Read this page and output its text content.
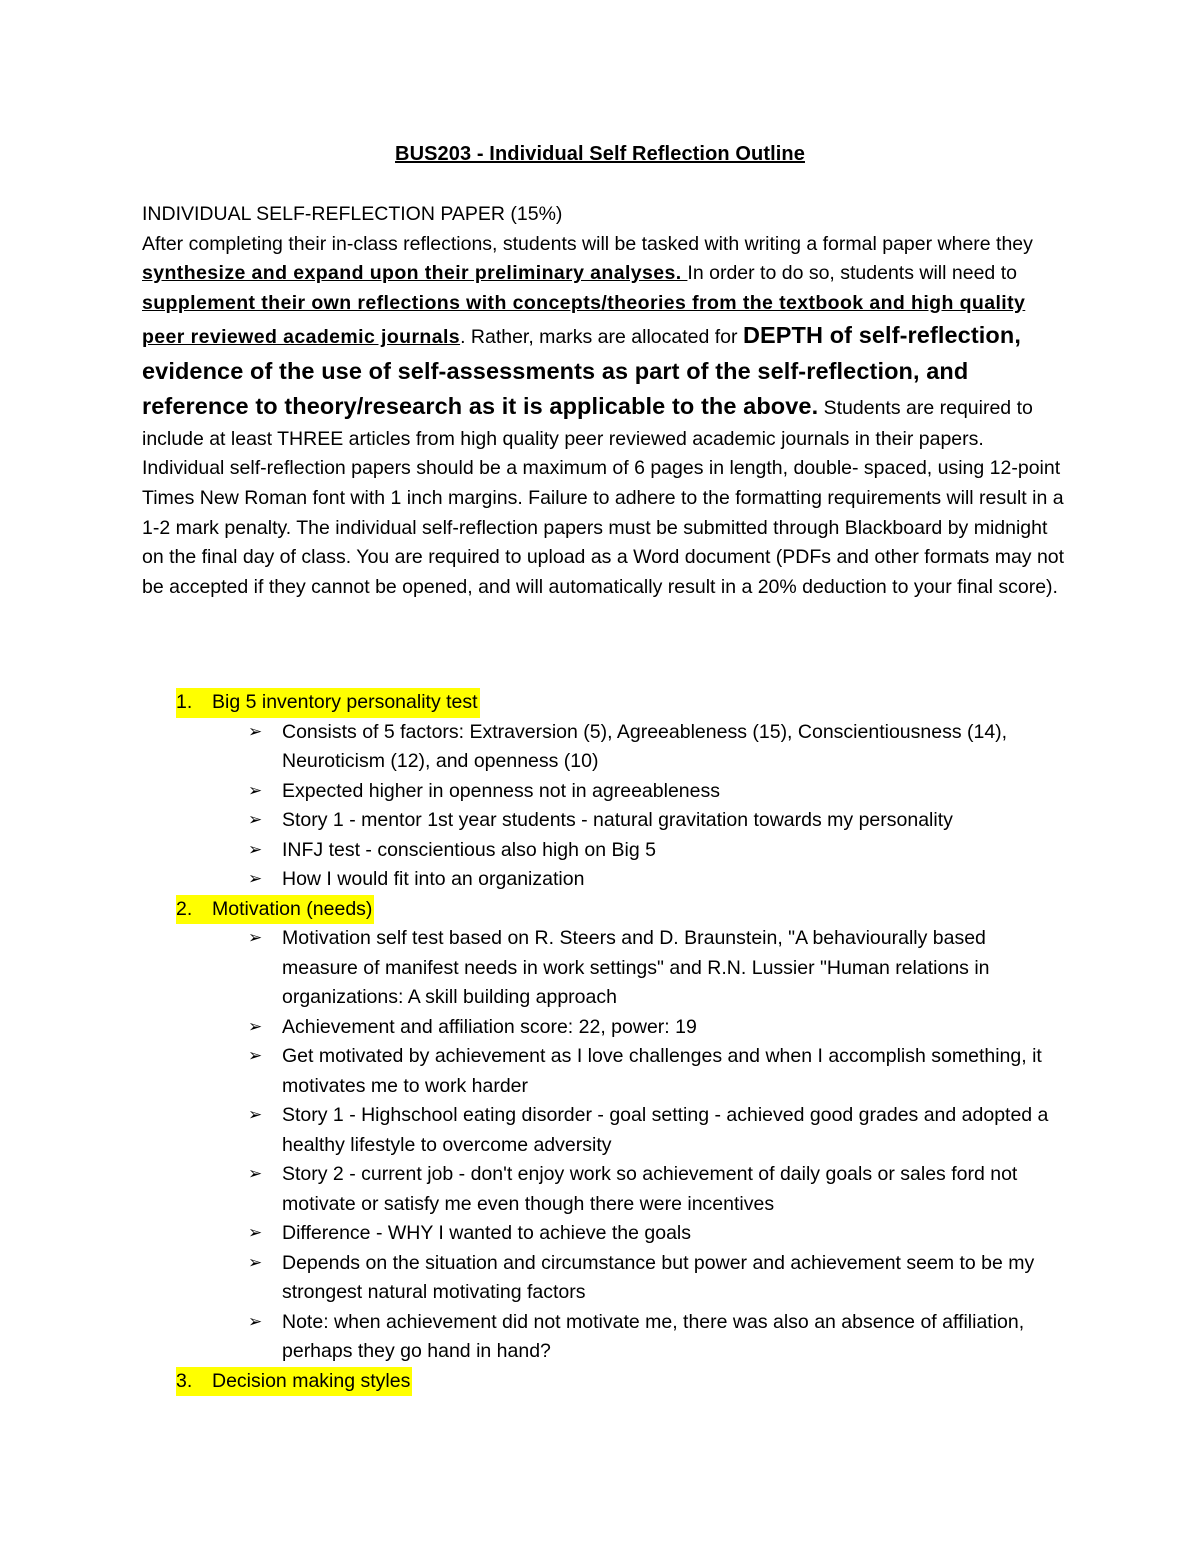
BUS203 - Individual Self Reflection Outline

INDIVIDUAL SELF-REFLECTION PAPER (15%)

After completing their in-class reflections, students will be tasked with writing a formal paper where they synthesize and expand upon their preliminary analyses. In order to do so, students will need to supplement their own reflections with concepts/theories from the textbook and high quality peer reviewed academic journals. Rather, marks are allocated for DEPTH of self-reflection, evidence of the use of self-assessments as part of the self-reflection, and reference to theory/research as it is applicable to the above. Students are required to include at least THREE articles from high quality peer reviewed academic journals in their papers.

Individual self-reflection papers should be a maximum of 6 pages in length, double- spaced, using 12-point Times New Roman font with 1 inch margins. Failure to adhere to the formatting requirements will result in a 1-2 mark penalty. The individual self-reflection papers must be submitted through Blackboard by midnight on the final day of class. You are required to upload as a Word document (PDFs and other formats may not be accepted if they cannot be opened, and will automatically result in a 20% deduction to your final score).

1. Big 5 inventory personality test
➢ Consists of 5 factors: Extraversion (5), Agreeableness (15), Conscientiousness (14), Neuroticism (12), and openness (10)
➢ Expected higher in openness not in agreeableness
➢ Story 1 - mentor 1st year students - natural gravitation towards my personality
➢ INFJ test - conscientious also high on Big 5
➢ How I would fit into an organization
2. Motivation (needs)
➢ Motivation self test based on R. Steers and D. Braunstein, "A behaviourally based measure of manifest needs in work settings" and R.N. Lussier "Human relations in organizations: A skill building approach
➢ Achievement and affiliation score: 22, power: 19
➢ Get motivated by achievement as I love challenges and when I accomplish something, it motivates me to work harder
➢ Story 1 - Highschool eating disorder - goal setting - achieved good grades and adopted a healthy lifestyle to overcome adversity
➢ Story 2 - current job - don't enjoy work so achievement of daily goals or sales ford not motivate or satisfy me even though there were incentives
➢ Difference - WHY I wanted to achieve the goals
➢ Depends on the situation and circumstance but power and achievement seem to be my strongest natural motivating factors
➢ Note: when achievement did not motivate me, there was also an absence of affiliation, perhaps they go hand in hand?
3. Decision making styles
